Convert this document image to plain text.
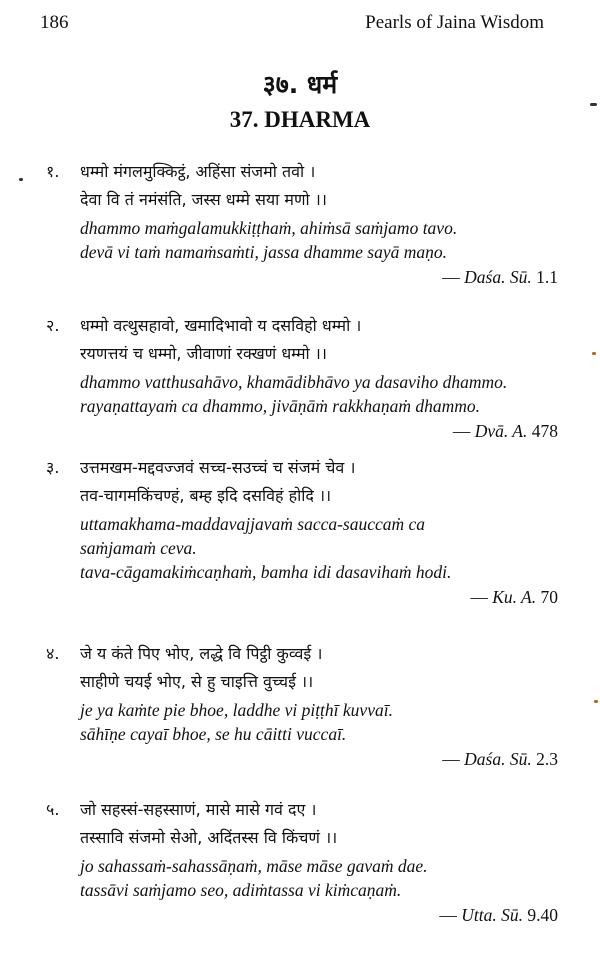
186	Pearls of Jaina Wisdom
३७. धर्म
37. DHARMA
१. धम्मो मंगलमुक्किट्ठं, अहिंसा संजमो तवो ।
देवा वि तं नमंसंति, जस्स धम्मे सया मणो ।।
dhammo maṁgalamukkiṭṭhaṁ, ahiṁsā saṁjamo tavo.
devā vi taṁ namaṁsaṁti, jassa dhamme sayā maṇo.
— Daśa. Sū. 1.1
२. धम्मो वत्थुसहावो, खमादिभावो य दसविहो धम्मो ।
रयणत्तयं च धम्मो, जीवाणां रक्खणं धम्मो ।।
dhammo vatthusahāvo, khamādibhāvo ya dasaviho dhammo.
rayaṇattayaṁ ca dhammo, jivāṇāṁ rakkhaṇaṁ dhammo.
— Dvā. A. 478
३. उत्तमखम-मद्दवज्जवं सच्च-सउच्चं च संजमं चेव ।
तव-चागमकिंचण्हं, बम्ह इदि दसविहं होदि ।।
uttamakhama-maddavajjavaṁ sacca-sauccaṁ ca
saṁjamaṁ ceva.
tava-cāgamakiṁcaṇhaṁ, bamha idi dasavihaṁ hodi.
— Ku. A. 70
४. जे य कंते पिए भोए, लद्धे वि पिट्ठी कुव्वई ।
साहीणे चयई भोए, से हु चाइत्ति वुच्चई ।।
je ya kaṁte pie bhoe, laddhe vi piṭṭhī kuvvaī.
sāhīṇe cayaī bhoe, se hu cāitti vuccaī.
— Daśa. Sū. 2.3
५. जो सहस्सं-सहस्साणं, मासे मासे गवं दए ।
तस्सावि संजमो सेओ, अदिंतस्स वि किंचणं ।।
jo sahassaṁ-sahassāṇaṁ, māse māse gavaṁ dae.
tassāvi saṁjamo seo, adiṁtassa vi kiṁcaṇaṁ.
— Utta. Sū. 9.40
